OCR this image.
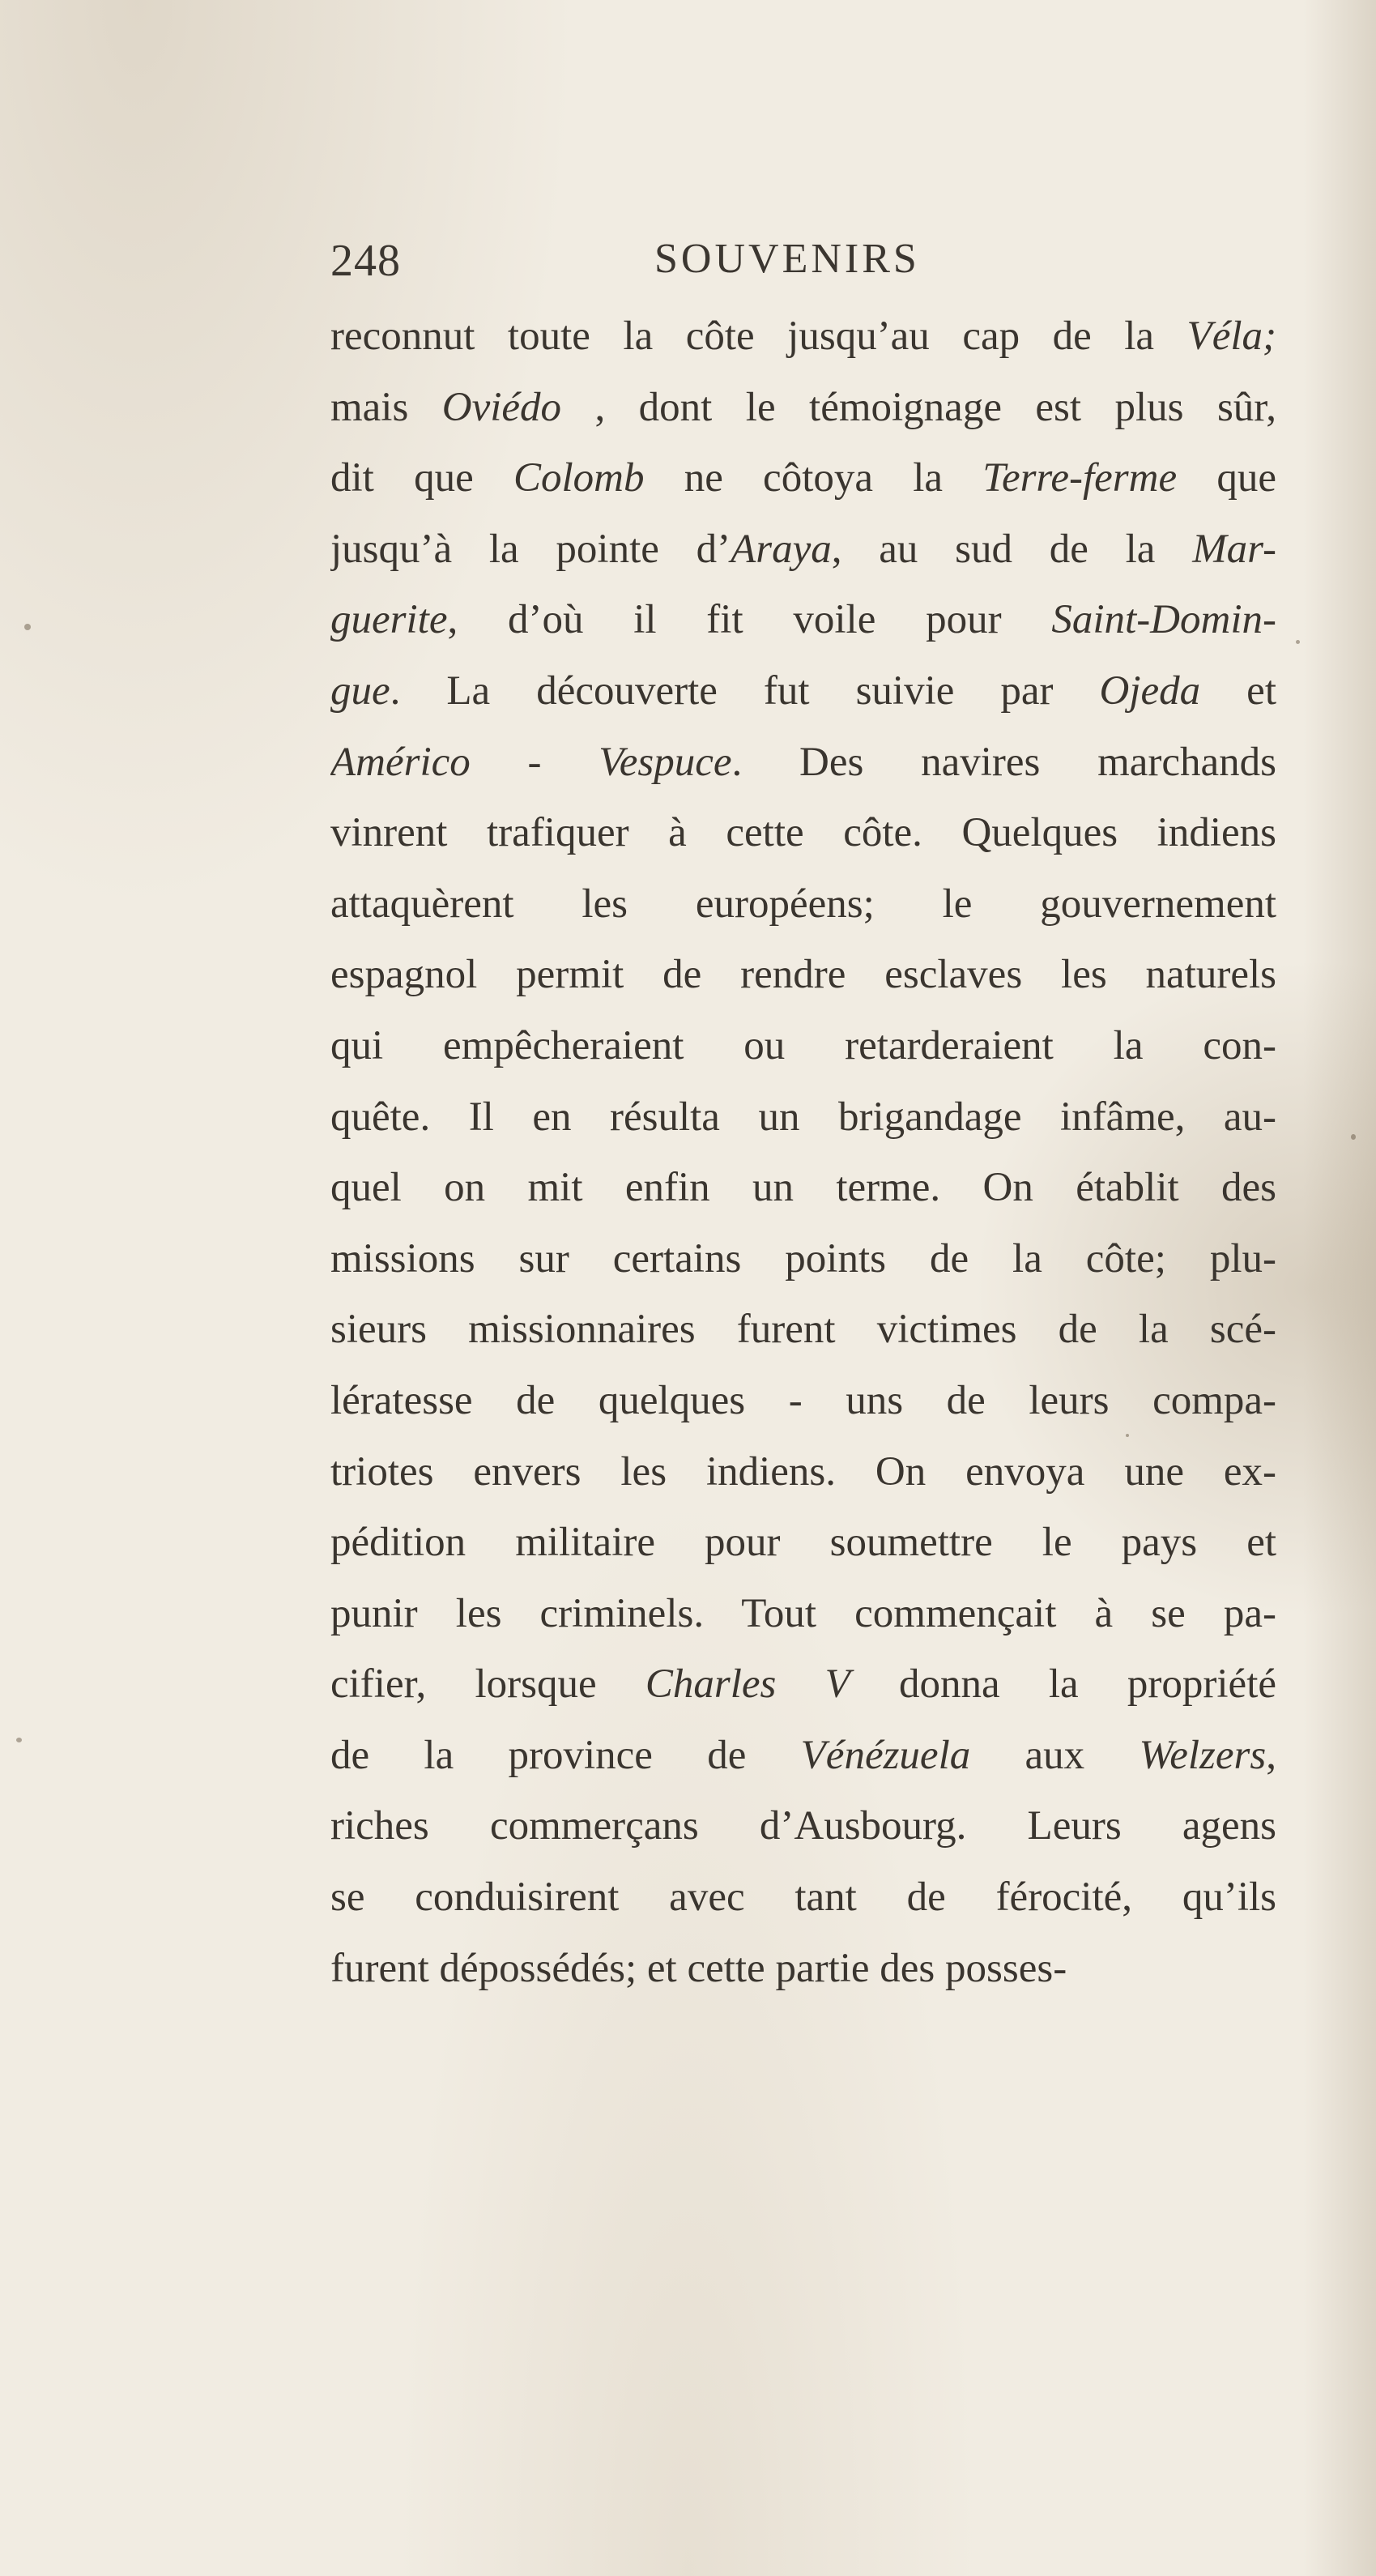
248	SOUVENIRS
reconnut toute la côte jusqu’au cap de la Véla;
mais Oviédo , dont le témoignage est plus sûr,
dit que Colomb ne côtoya la Terre-ferme que
jusqu’à la pointe d’Araya, au sud de la Mar-
guerite, d’où il fit voile pour Saint-Domin-
gue. La découverte fut suivie par Ojeda et
Américo - Vespuce. Des navires marchands
vinrent trafiquer à cette côte. Quelques indiens
attaquèrent les européens; le gouvernement
espagnol permit de rendre esclaves les naturels
qui empêcheraient ou retarderaient la con-
quête. Il en résulta un brigandage infâme, au-
quel on mit enfin un terme. On établit des
missions sur certains points de la côte; plu-
sieurs missionnaires furent victimes de la scé-
lératesse de quelques - uns de leurs compa-
triotes envers les indiens. On envoya une ex-
pédition militaire pour soumettre le pays et
punir les criminels. Tout commençait à se pa-
cifier, lorsque Charles V donna la propriété
de la province de Vénézuela aux Welzers,
riches commerçans d’Ausbourg. Leurs agens
se conduisirent avec tant de férocité, qu’ils
furent dépossédés; et cette partie des posses-
